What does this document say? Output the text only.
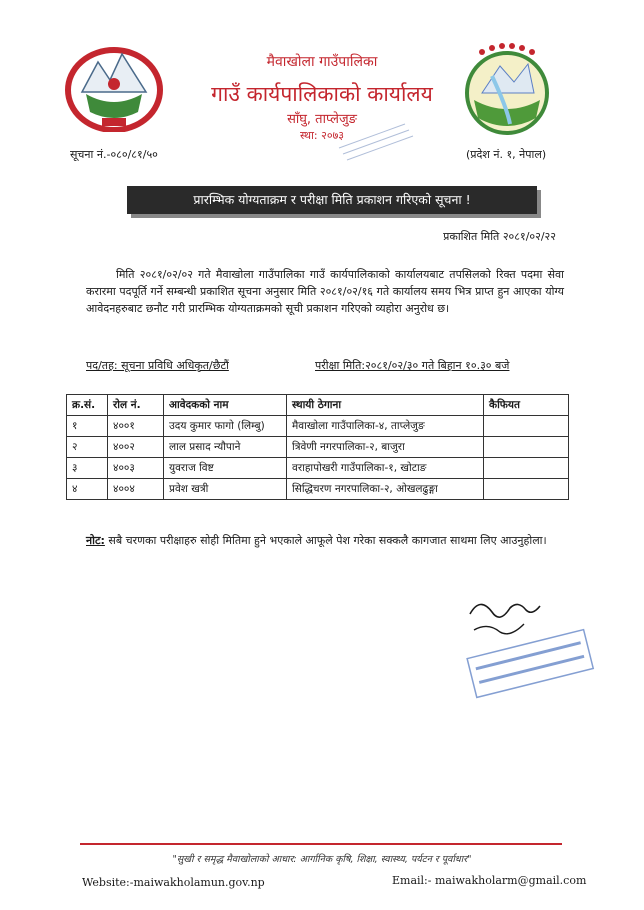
मैवाखोला गाउँपालिका
गाउँ कार्यपालिकाको कार्यालय
साँघु, ताप्लेजुङ
स्था: २०७३
सूचना नं.-०८०/८१/५०	(प्रदेश नं. १, नेपाल)
प्रारम्भिक योग्यताक्रम र परीक्षा मिति प्रकाशन गरिएको सूचना !
प्रकाशित मिति २०८१/०२/२२
मिति २०८१/०२/०२ गते मैवाखोला गाउँपालिका गाउँ कार्यपालिकाको कार्यालयबाट तपसिलको रिक्त पदमा सेवा करारमा पदपूर्ति गर्ने सम्बन्धी प्रकाशित सूचना अनुसार मिति २०८१/०२/१६ गते कार्यालय समय भित्र प्राप्त हुन आएका योग्य आवेदनहरुबाट छनौट गरी प्रारम्भिक योग्यताक्रमको सूची प्रकाशन गरिएको व्यहोरा अनुरोध छ।
पद/तह: सूचना प्रविधि अधिकृत/छैटौं	परीक्षा मिति:२०८१/०२/३० गते बिहान १०.३० बजे
क्र.सं.	रोल नं.	आवेदकको नाम	स्थायी ठेगाना	कैफियत
१	४००१	उदय कुमार फागो (लिम्बु)	मैवाखोला गाउँपालिका-४, ताप्लेजुङ	
२	४००२	लाल प्रसाद न्यौपाने	त्रिवेणी नगरपालिका-२, बाजुरा	
३	४००३	युवराज विष्ट	वराहापोखरी गाउँपालिका-१, खोटाङ	
४	४००४	प्रवेश खत्री	सिद्धिचरण नगरपालिका-२, ओखलढुङ्गा	
नोट: सबै चरणका परीक्षाहरु सोही मितिमा हुने भएकाले आफूले पेश गरेका सक्कलै कागजात साथमा लिए आउनुहोला।
"सुखी र समृद्ध मैवाखोलाको आधार: आर्गानिक कृषि, शिक्षा, स्वास्थ्य, पर्यटन र पूर्वाधार"
Website:-maiwakholamun.gov.np	Email:- maiwakholarm@gmail.com
